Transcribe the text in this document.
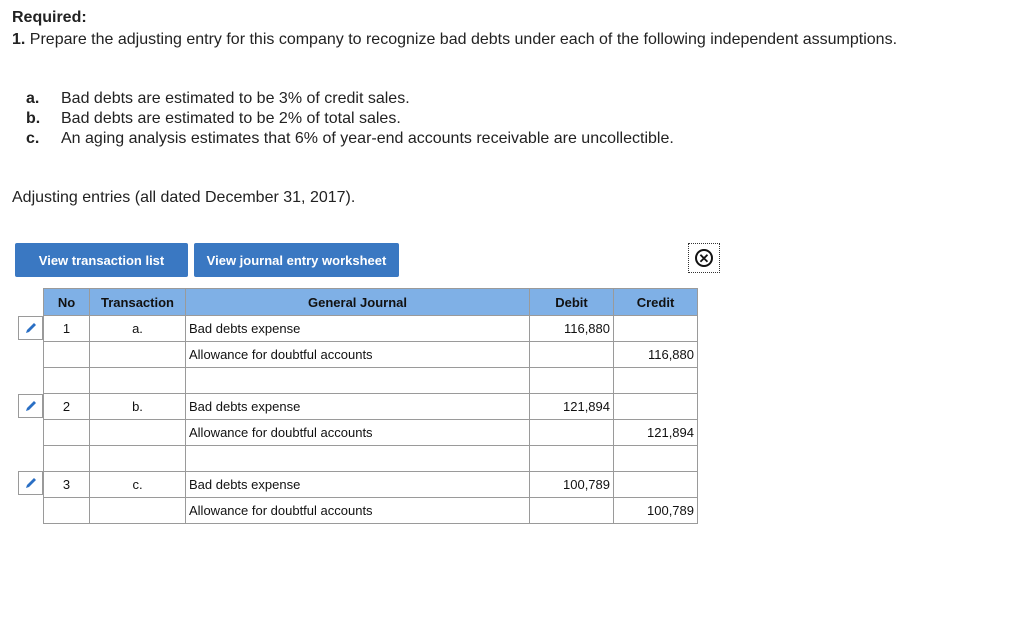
Required:
1. Prepare the adjusting entry for this company to recognize bad debts under each of the following independent assumptions.
a. Bad debts are estimated to be 3% of credit sales.
b. Bad debts are estimated to be 2% of total sales.
c. An aging analysis estimates that 6% of year-end accounts receivable are uncollectible.
Adjusting entries (all dated December 31, 2017).
View transaction list	View journal entry worksheet	✕
No	Transaction	General Journal	Debit	Credit
1	a.	Bad debts expense	116,880	
		Allowance for doubtful accounts		116,880

2	b.	Bad debts expense	121,894	
		Allowance for doubtful accounts		121,894

3	c.	Bad debts expense	100,789	
		Allowance for doubtful accounts		100,789
